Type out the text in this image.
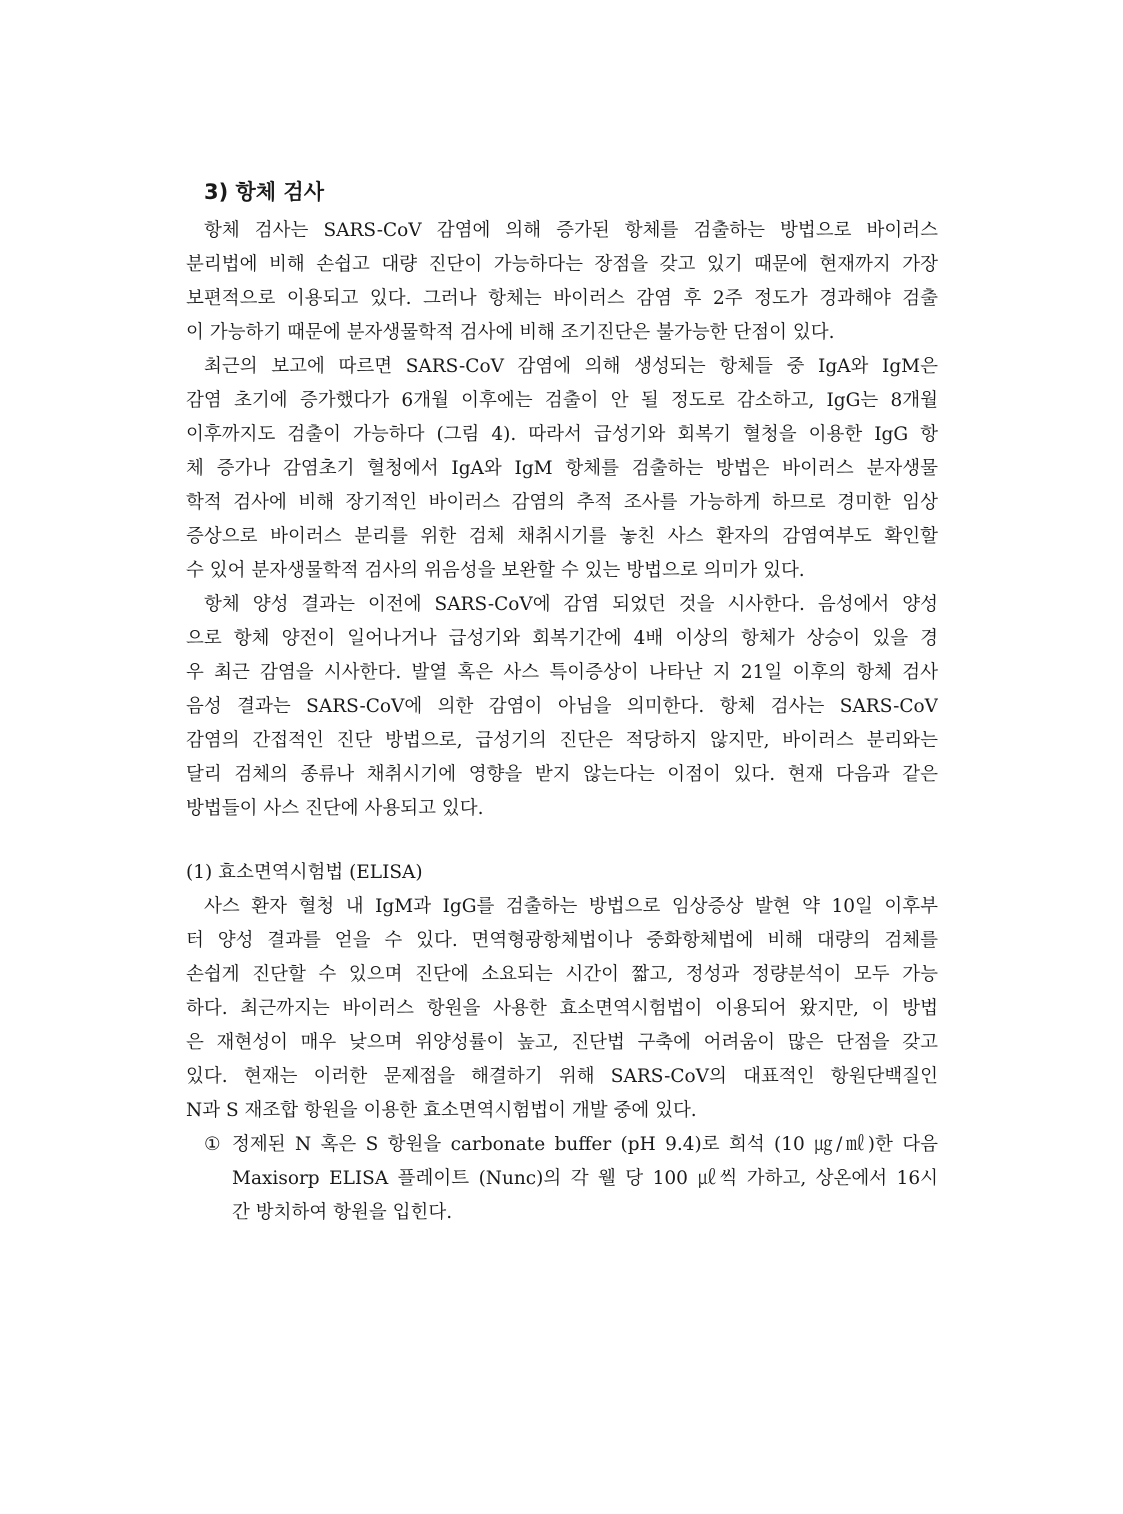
3) 항체 검사
항체 검사는 SARS-CoV 감염에 의해 증가된 항체를 검출하는 방법으로 바이러스
분리법에 비해 손쉽고 대량 진단이 가능하다는 장점을 갖고 있기 때문에 현재까지 가장
보편적으로 이용되고 있다. 그러나 항체는 바이러스 감염 후 2주 정도가 경과해야 검출
이 가능하기 때문에 분자생물학적 검사에 비해 조기진단은 불가능한 단점이 있다.
최근의 보고에 따르면 SARS-CoV 감염에 의해 생성되는 항체들 중 IgA와 IgM은
감염 초기에 증가했다가 6개월 이후에는 검출이 안 될 정도로 감소하고, IgG는 8개월
이후까지도 검출이 가능하다 (그림 4). 따라서 급성기와 회복기 혈청을 이용한 IgG 항
체 증가나 감염초기 혈청에서 IgA와 IgM 항체를 검출하는 방법은 바이러스 분자생물
학적 검사에 비해 장기적인 바이러스 감염의 추적 조사를 가능하게 하므로 경미한 임상
증상으로 바이러스 분리를 위한 검체 채취시기를 놓친 사스 환자의 감염여부도 확인할
수 있어 분자생물학적 검사의 위음성을 보완할 수 있는 방법으로 의미가 있다.
항체 양성 결과는 이전에 SARS-CoV에 감염 되었던 것을 시사한다. 음성에서 양성
으로 항체 양전이 일어나거나 급성기와 회복기간에 4배 이상의 항체가 상승이 있을 경
우 최근 감염을 시사한다. 발열 혹은 사스 특이증상이 나타난 지 21일 이후의 항체 검사
음성 결과는 SARS-CoV에 의한 감염이 아님을 의미한다. 항체 검사는 SARS-CoV
감염의 간접적인 진단 방법으로, 급성기의 진단은 적당하지 않지만, 바이러스 분리와는
달리 검체의 종류나 채취시기에 영향을 받지 않는다는 이점이 있다. 현재 다음과 같은
방법들이 사스 진단에 사용되고 있다.
(1) 효소면역시험법 (ELISA)
사스 환자 혈청 내 IgM과 IgG를 검출하는 방법으로 임상증상 발현 약 10일 이후부
터 양성 결과를 얻을 수 있다. 면역형광항체법이나 중화항체법에 비해 대량의 검체를
손쉽게 진단할 수 있으며 진단에 소요되는 시간이 짧고, 정성과 정량분석이 모두 가능
하다. 최근까지는 바이러스 항원을 사용한 효소면역시험법이 이용되어 왔지만, 이 방법
은 재현성이 매우 낮으며 위양성률이 높고, 진단법 구축에 어려움이 많은 단점을 갖고
있다. 현재는 이러한 문제점을 해결하기 위해 SARS-CoV의 대표적인 항원단백질인
N과 S 재조합 항원을 이용한 효소면역시험법이 개발 중에 있다.
① 정제된 N 혹은 S 항원을 carbonate buffer (pH 9.4)로 희석 (10 ㎍/㎖)한 다음
Maxisorp ELISA 플레이트 (Nunc)의 각 웰 당 100 ㎕씩 가하고, 상온에서 16시
간 방치하여 항원을 입힌다.
